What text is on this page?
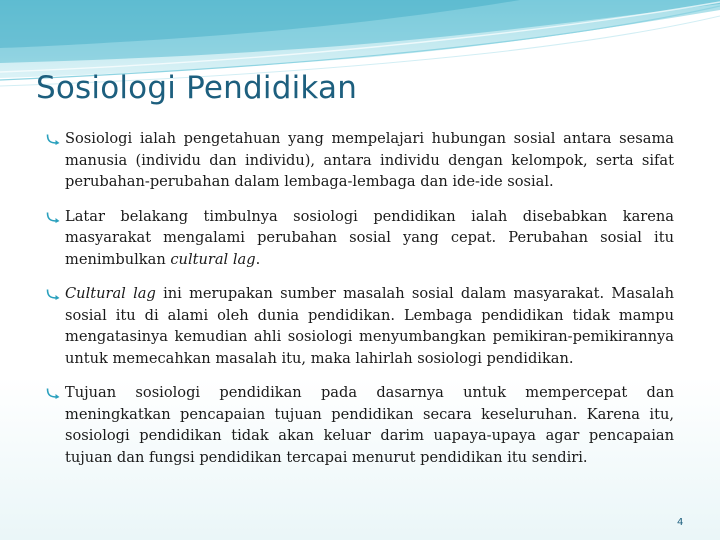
Sosiologi Pendidikan
Sosiologi ialah pengetahuan yang mempelajari hubungan sosial antara sesama manusia (individu dan individu), antara individu dengan kelompok, serta sifat perubahan-perubahan dalam lembaga-lembaga dan ide-ide sosial.
Latar belakang timbulnya sosiologi pendidikan ialah disebabkan karena masyarakat mengalami perubahan sosial yang cepat. Perubahan sosial itu menimbulkan cultural lag.
Cultural lag ini merupakan sumber masalah sosial dalam masyarakat. Masalah sosial itu di alami oleh dunia pendidikan. Lembaga pendidikan tidak mampu mengatasinya kemudian ahli sosiologi menyumbangkan pemikiran-pemikirannya untuk memecahkan masalah itu, maka lahirlah sosiologi pendidikan.
Tujuan sosiologi pendidikan pada dasarnya untuk mempercepat dan meningkatkan pencapaian tujuan pendidikan secara keseluruhan. Karena itu, sosiologi pendidikan tidak akan keluar darim uapaya-upaya agar pencapaian tujuan dan fungsi pendidikan tercapai menurut pendidikan itu sendiri.
4
